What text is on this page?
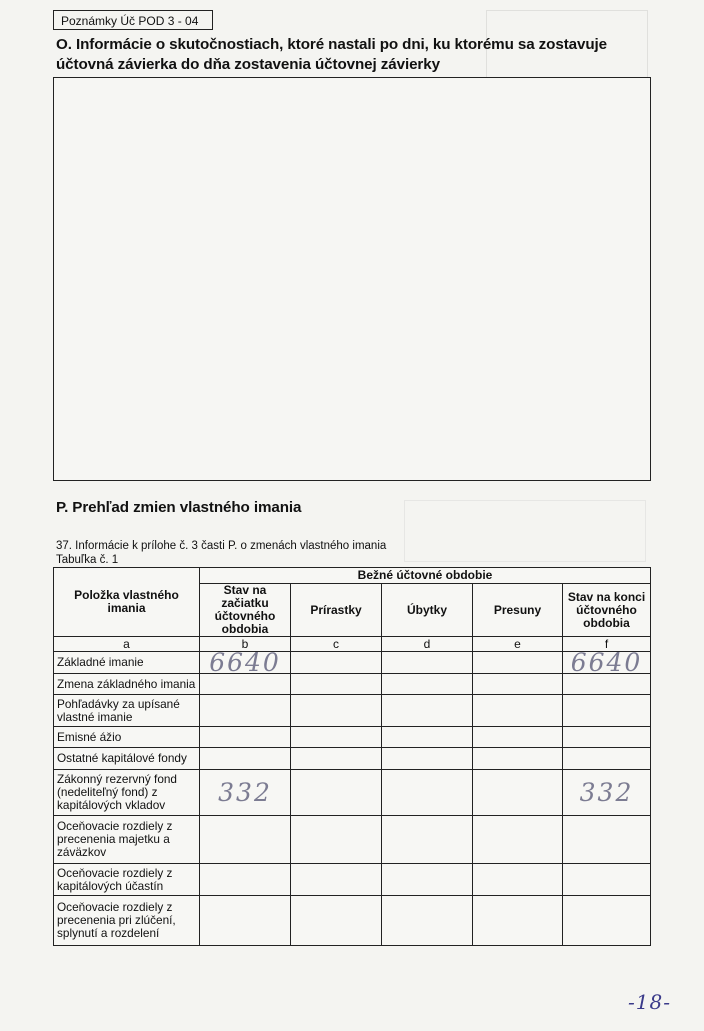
Poznámky Úč POD 3 - 04
O. Informácie o skutočnostiach, ktoré nastali po dni, ku ktorému sa zostavuje účtovná závierka do dňa zostavenia účtovnej závierky
P. Prehľad zmien vlastného imania
37. Informácie k prílohe č. 3 časti P. o zmenách vlastného imania
Tabuľka č. 1
Položka vlastného imania	Bežné účtovné obdobie				
	Stav na začiatku účtovného obdobia	Prírastky	Úbytky	Presuny	Stav na konci účtovného obdobia
a	b	c	d	e	f
Základné imanie	6640				6640

Zmena základného imania					
Pohľadávky za upísané vlastné imanie					
Emisné ážio					
Ostatné kapitálové fondy					
Zákonný rezervný fond (nedeliteľný fond) z kapitálových vkladov	332				332

Oceňovacie rozdiely z precenenia majetku a záväzkov					
Oceňovacie rozdiely z kapitálových účastín					
Oceňovacie rozdiely z precenenia pri zlúčení, splynutí a rozdelení					
-18-
